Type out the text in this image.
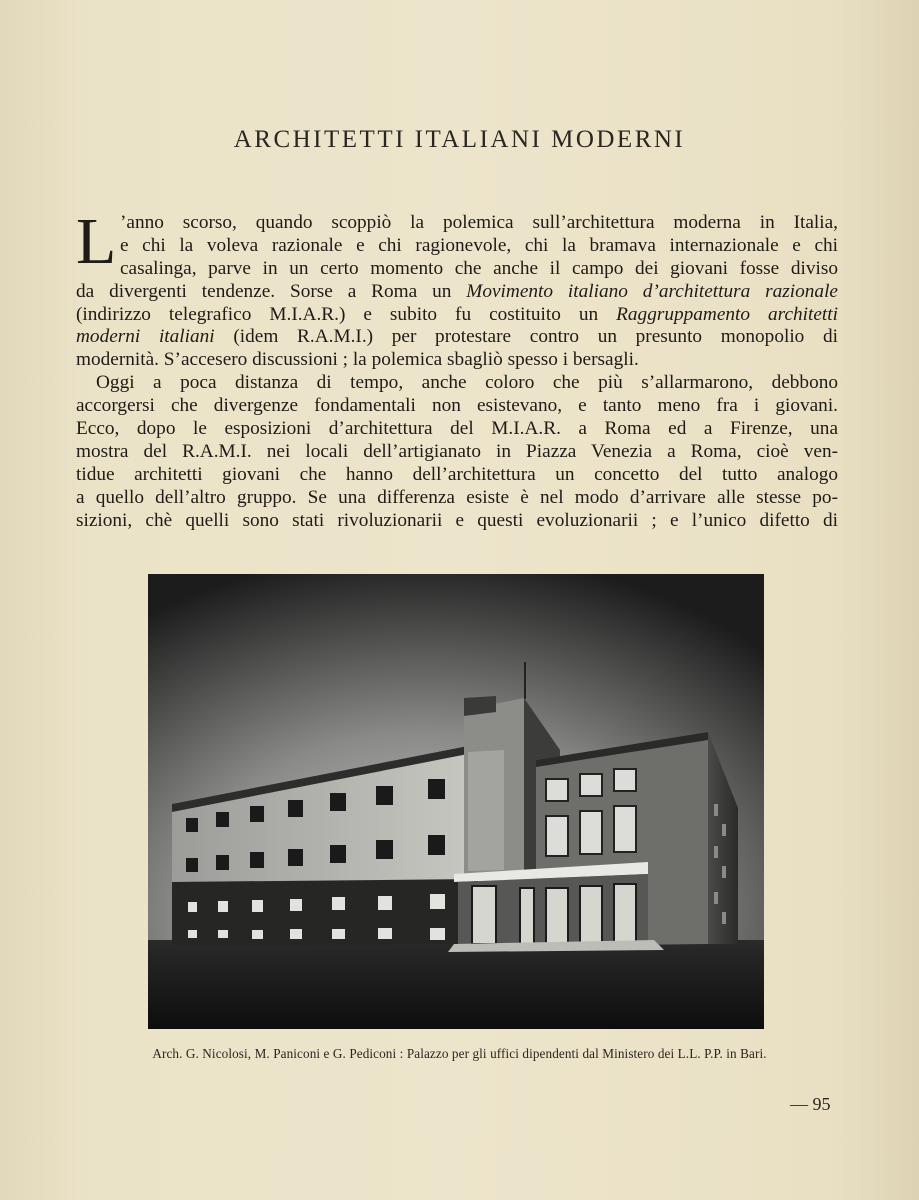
ARCHITETTI ITALIANI MODERNI
L ’anno scorso, quando scoppiò la polemica sull’architettura moderna in Italia,
e chi la voleva razionale e chi ragionevole, chi la bramava internazionale e chi
casalinga, parve in un certo momento che anche il campo dei giovani fosse diviso
da divergenti tendenze. Sorse a Roma un Movimento italiano d’architettura razionale
(indirizzo telegrafico M.I.A.R.) e subito fu costituito un Raggruppamento architetti
moderni italiani (idem R.A.M.I.) per protestare contro un presunto monopolio di
modernità. S’accesero discussioni ; la polemica sbagliò spesso i bersagli.
Oggi a poca distanza di tempo, anche coloro che più s’allarmarono, debbono
accorgersi che divergenze fondamentali non esistevano, e tanto meno fra i giovani.
Ecco, dopo le esposizioni d’architettura del M.I.A.R. a Roma ed a Firenze, una
mostra del R.A.M.I. nei locali dell’artigianato in Piazza Venezia a Roma, cioè ven-
tidue architetti giovani che hanno dell’architettura un concetto del tutto analogo
a quello dell’altro gruppo. Se una differenza esiste è nel modo d’arrivare alle stesse po-
sizioni, chè quelli sono stati rivoluzionarii e questi evoluzionarii ; e l’unico difetto di
Arch. G. Nicolosi, M. Paniconi e G. Pediconi : Palazzo per gli uffici dipendenti dal Ministero dei L.L. P.P. in Bari.
— 95
